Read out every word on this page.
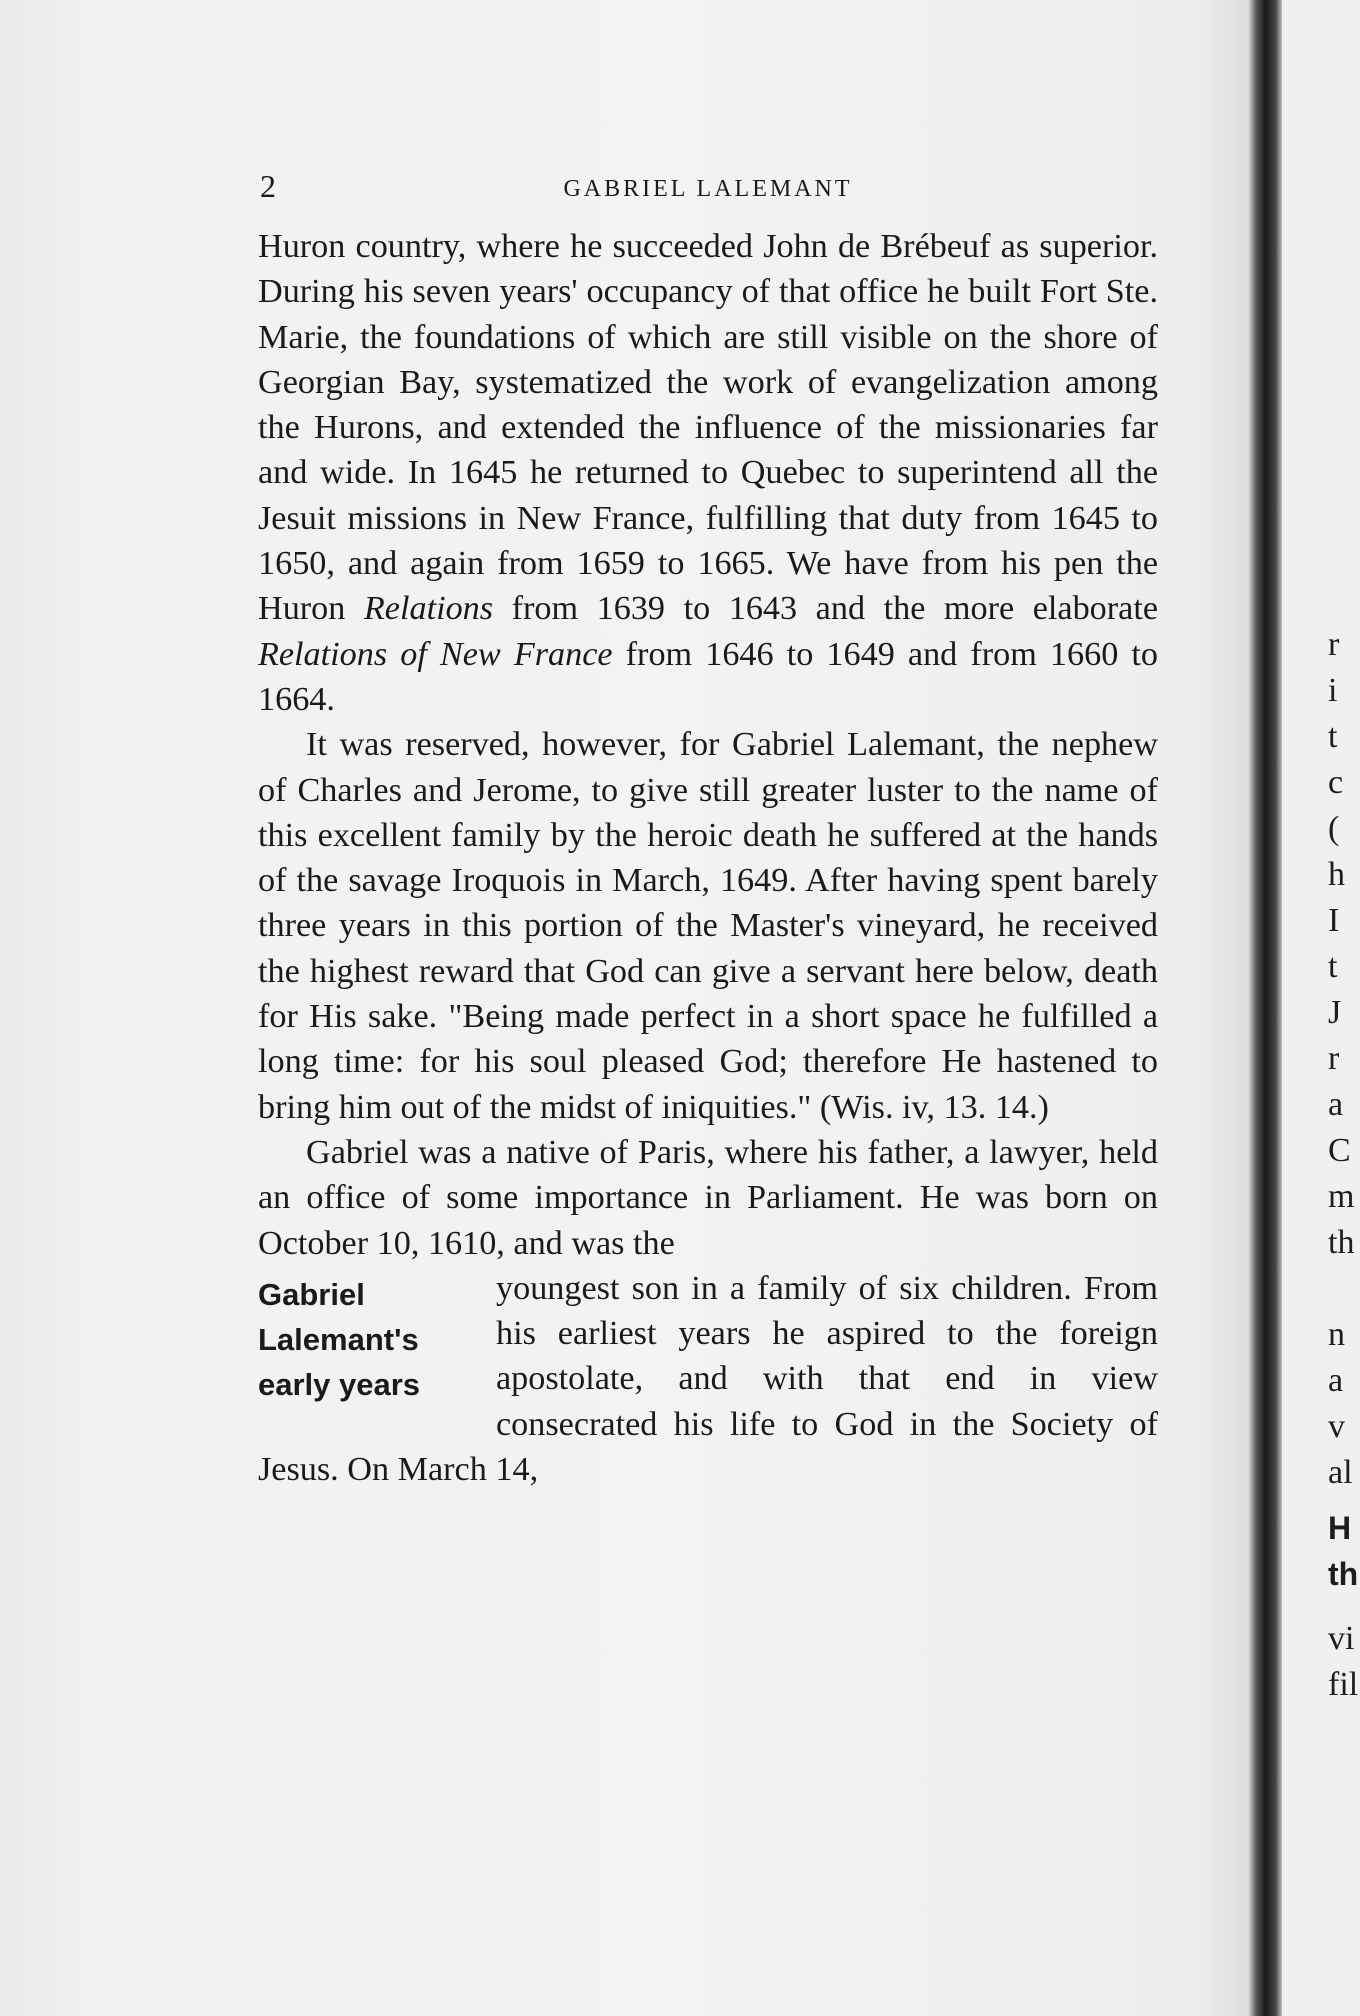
2	GABRIEL LALEMANT

Huron country, where he succeeded John de Brébeuf as superior. During his seven years' occupancy of that office he built Fort Ste. Marie, the foundations of which are still visible on the shore of Georgian Bay, systematized the work of evangelization among the Hurons, and extended the influence of the missionaries far and wide. In 1645 he returned to Quebec to superintend all the Jesuit missions in New France, fulfilling that duty from 1645 to 1650, and again from 1659 to 1665. We have from his pen the Huron Relations from 1639 to 1643 and the more elaborate Relations of New France from 1646 to 1649 and from 1660 to 1664.

It was reserved, however, for Gabriel Lalemant, the nephew of Charles and Jerome, to give still greater luster to the name of this excellent family by the heroic death he suffered at the hands of the savage Iroquois in March, 1649. After having spent barely three years in this portion of the Master's vineyard, he received the highest reward that God can give a servant here below, death for His sake. "Being made perfect in a short space he fulfilled a long time: for his soul pleased God; therefore He hastened to bring him out of the midst of iniquities." (Wis. iv, 13. 14.)

Gabriel was a native of Paris, where his father, a lawyer, held an office of some importance in Parliament. He was born on October 10, 1610, and was the

Gabriel
Lalemant's
early years

youngest son in a family of six children. From his earliest years he aspired to the foreign apostolate, and with that end in view consecrated his life to God in the Society of Jesus. On March 14,

r
i
t
c
(
h
I
t
J
r
a
C
m
th
n
a
v
al
H
th
vi
fil
